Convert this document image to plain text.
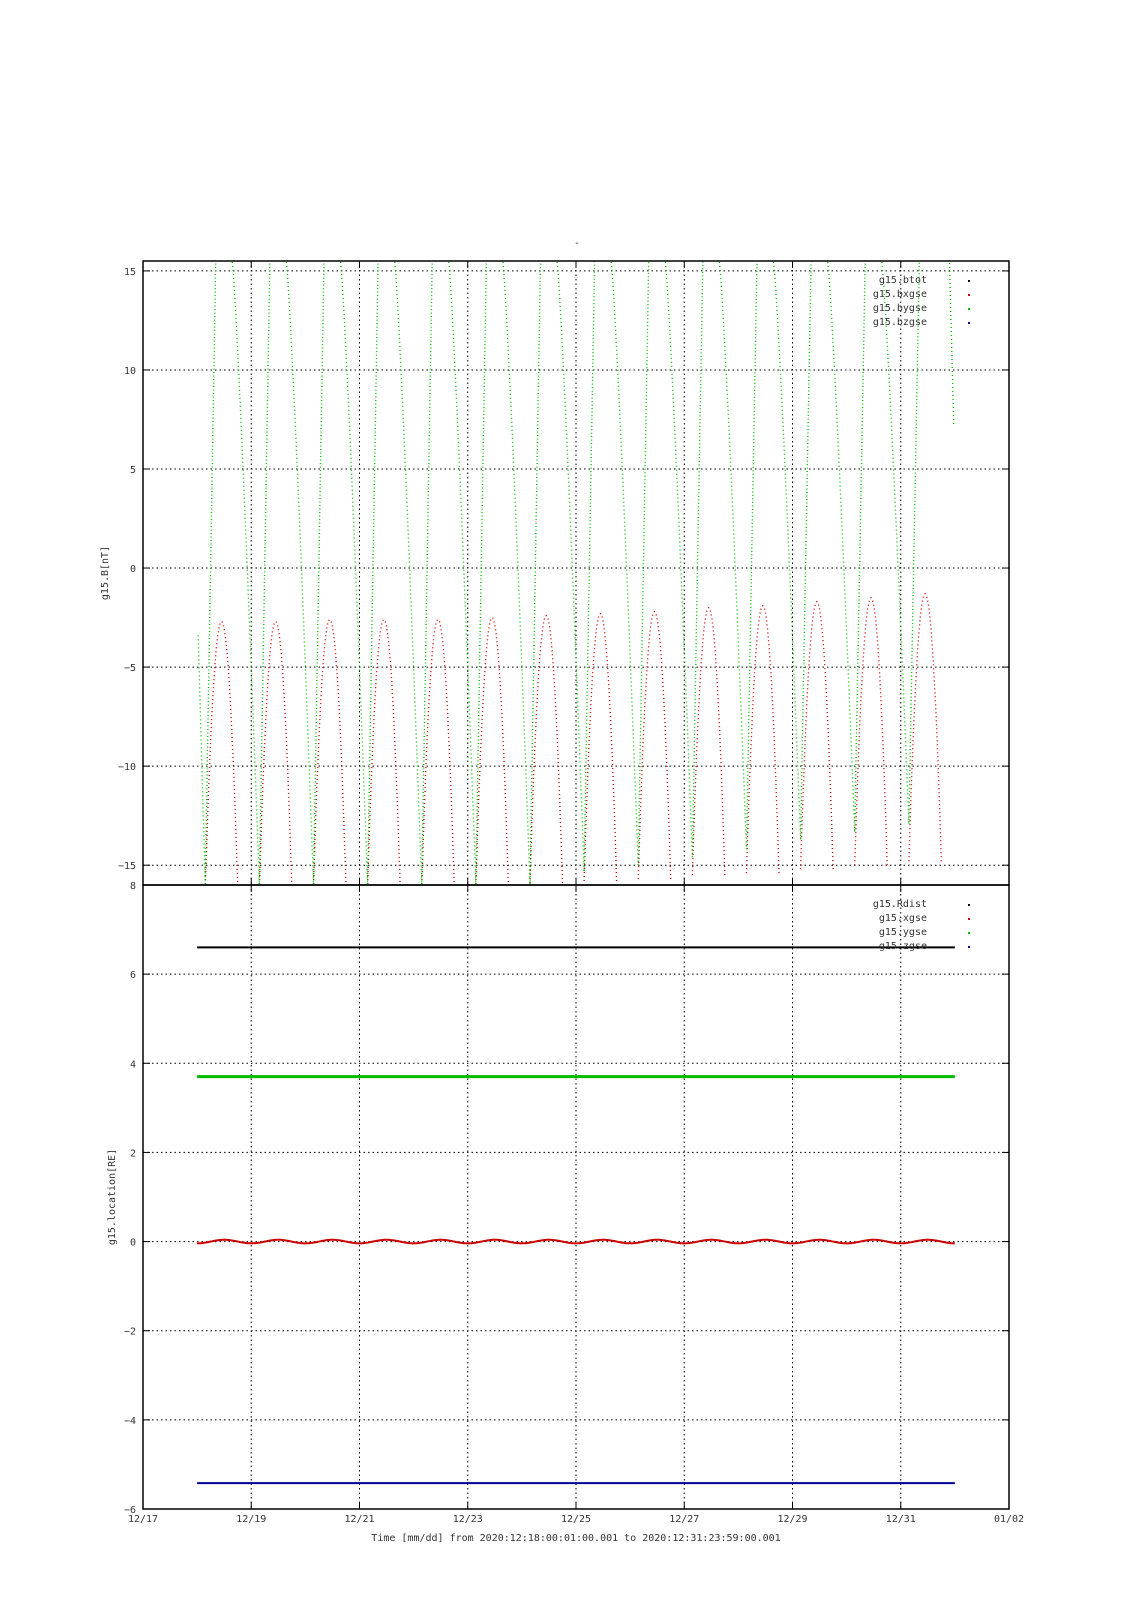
-
−15
−10
−5
0
5
10
15
g15.btot
g15.bxgse
g15.bygse
g15.bzgse
g15.B[nT]
−6
−4
−2
0
2
4
6
8
g15.Rdist
g15.xgse
g15.ygse
g15.zgse
g15.location[RE]
12/17	12/19	12/21	12/23	12/25	12/27	12/29	12/31	01/02
Time [mm/dd] from 2020:12:18:00:01:00.001 to 2020:12:31:23:59:00.001
